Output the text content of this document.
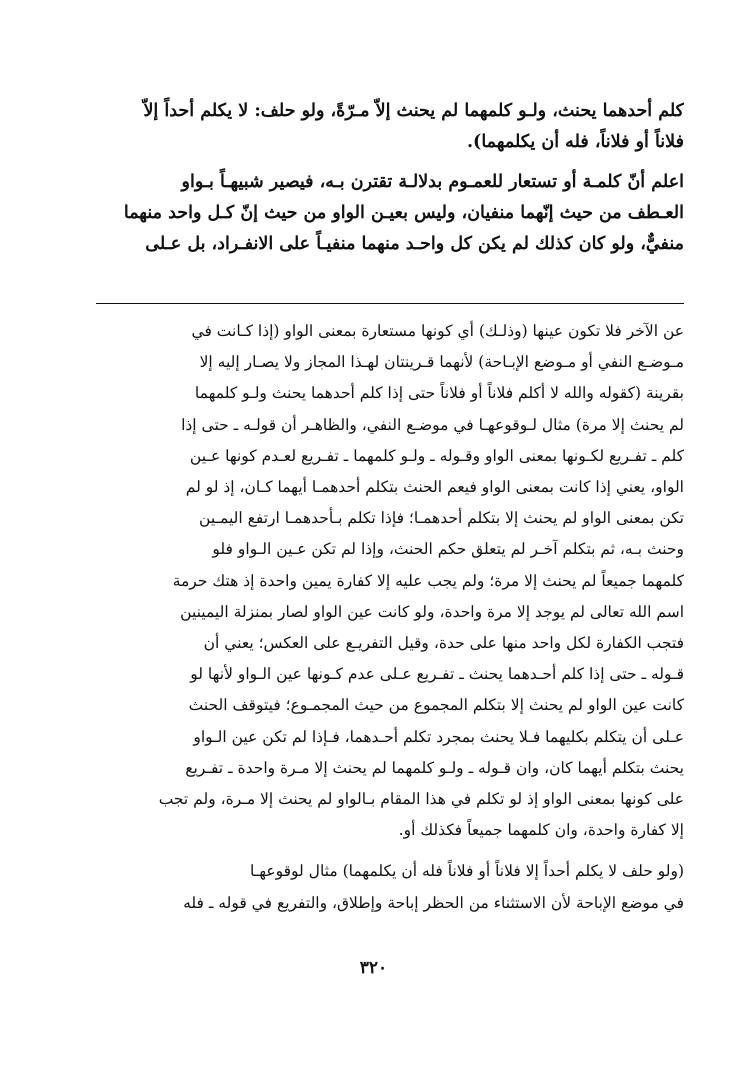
كلم أحدهما يحنث، ولـو كلمهما لم يحنث إلاّ مـرّةً، ولو حلف: لا يكلم أحداً إلاّ
فلاناً أو فلاناً، فله أن يكلمهما).

اعلم أنّ كلمـة أو تستعار للعمـوم بدلالـة تقترن بـه، فيصير شبيهـاً بـواو
العـطف من حيث إنّهما منفيان، وليس بعيـن الواو من حيث إنّ كـل واحد منهما
منفيٌّ، ولو كان كذلك لم يكن كل واحـد منهما منفيـاً على الانفـراد، بل عـلى

عن الآخر فلا تكون عينها (وذلـك) أي كونها مستعارة بمعنى الواو (إذا كـانت في
مـوضـع النفي أو مـوضع الإبـاحة) لأنهما قـرينتان لهـذا المجاز ولا يصـار إليه إلا
بقرينة (كقوله والله لا أكلم فلاناً أو فلاناً حتى إذا كلم أحدهما يحنث ولـو كلمهما
لم يحنث إلا مرة) مثال لـوقوعهـا في موضـع النفي، والظاهـر أن قولـه ـ حتى إذا
كلم ـ تفـريع لكـونها بمعنى الواو وقـوله ـ ولـو كلمهما ـ تفـريع لعـدم كونها عـين
الواو، يعني إذا كانت بمعنى الواو فيعم الحنث بتكلم أحدهمـا أيهما كـان، إذ لو لم
تكن بمعنى الواو لم يحنث إلا بتكلم أحدهمـا؛ فإذا تكلم بـأحدهمـا ارتفع اليمـين
وحنث بـه، ثم بتكلم آخـر لم يتعلق حكم الحنث، وإذا لم تكن عـين الـواو فلو
كلمهما جميعاً لم يحنث إلا مرة؛ ولم يجب عليه إلا كفارة يمين واحدة إذ هتك حرمة
اسم الله تعالى لم يوجد إلا مرة واحدة، ولو كانت عين الواو لصار بمنزلة اليمينين
فتجب الكفارة لكل واحد منها على حدة، وقيل التفريـع على العكس؛ يعني أن
قـوله ـ حتى إذا كلم أحـدهما يحنث ـ تفـريع عـلى عدم كـونها عين الـواو لأنها لو
كانت عين الواو لم يحنث إلا بتكلم المجموع من حيث المجمـوع؛ فيتوقف الحنث
عـلى أن يتكلم بكليهما فـلا يحنث بمجرد تكلم أحـدهما، فـإذا لم تكن عين الـواو
يحنث بتكلم أيهما كان، وان قـوله ـ ولـو كلمهما لم يحنث إلا مـرة واحدة ـ تفـريع
على كونها بمعنى الواو إذ لو تكلم في هذا المقام بـالواو لم يحنث إلا مـرة، ولم تجب
إلا كفارة واحدة، وان كلمهما جميعاً فكذلك أو.

(ولو حلف لا يكلم أحداً إلا فلاناً أو فلاناً فله أن يكلمهما) مثال لوقوعهـا
في موضع الإباحة لأن الاستثناء من الحظر إباحة وإطلاق، والتفريع في قوله ـ فله

٣٢٠
